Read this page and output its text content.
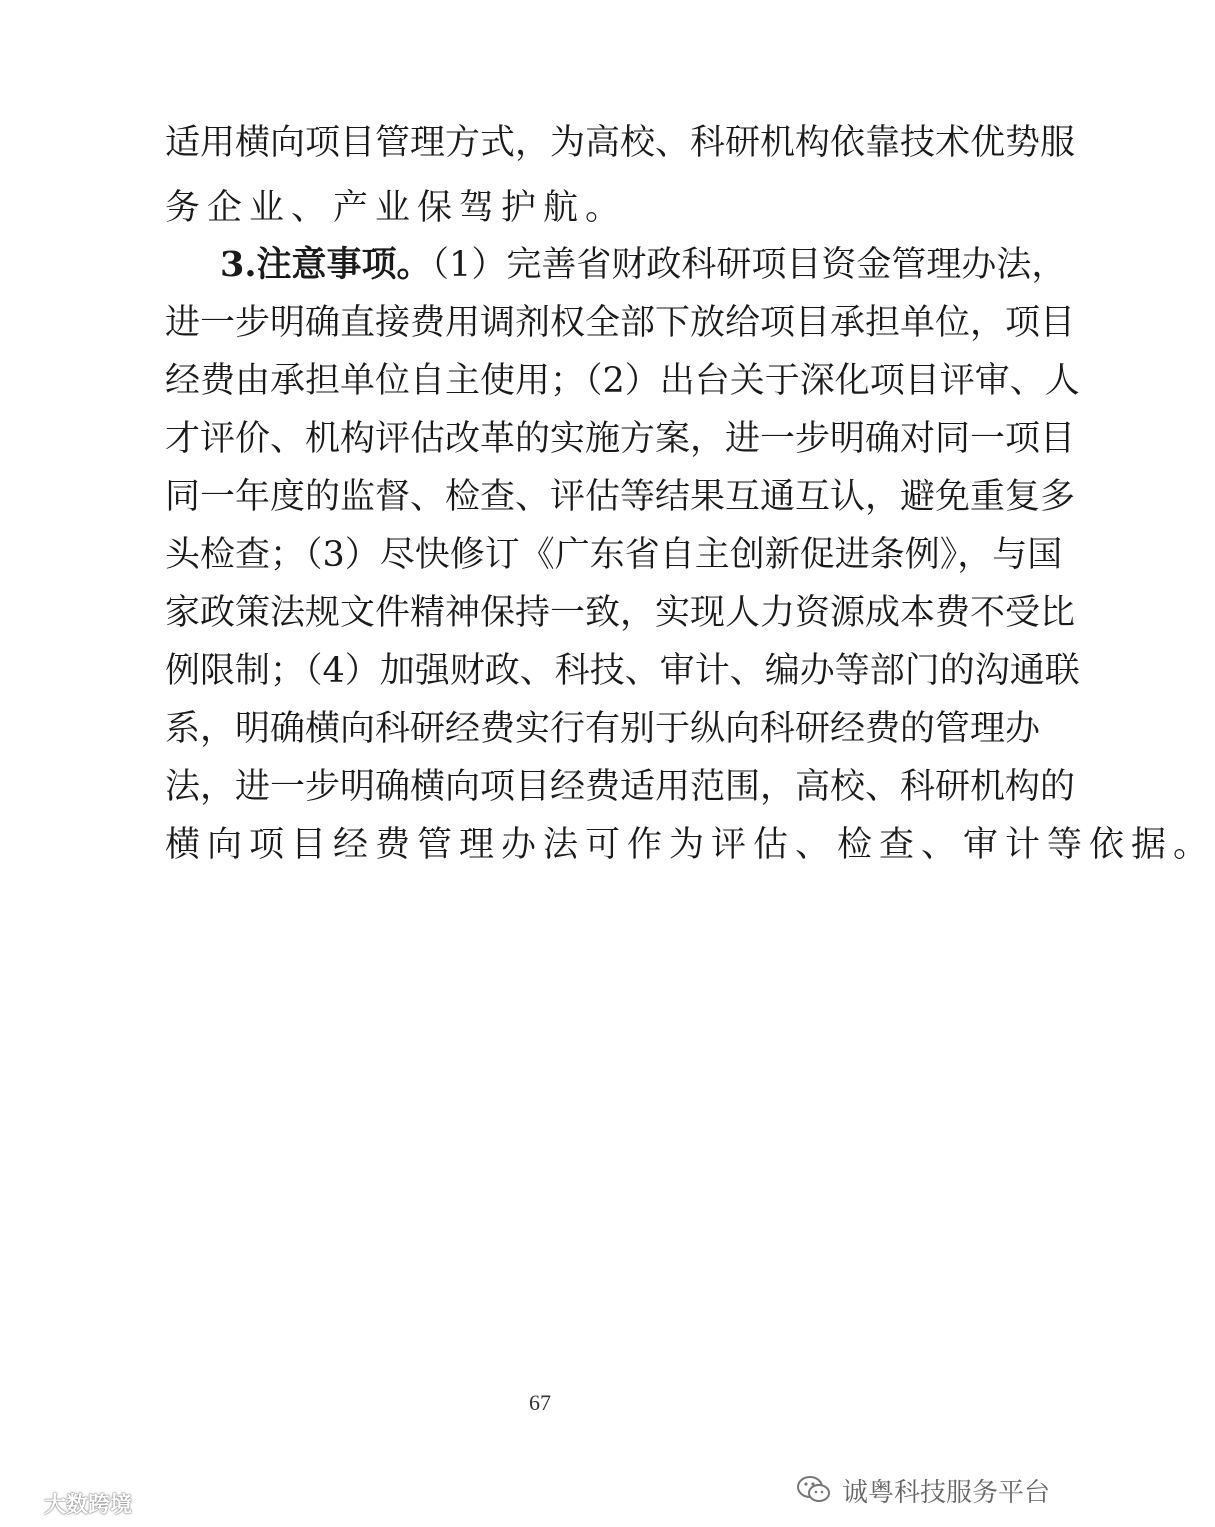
适用横向项目管理方式，为高校、科研机构依靠技术优势服
务企业、产业保驾护航。
3.注意事项。（1）完善省财政科研项目资金管理办法，
进一步明确直接费用调剂权全部下放给项目承担单位，项目
经费由承担单位自主使用；（2）出台关于深化项目评审、人
才评价、机构评估改革的实施方案，进一步明确对同一项目
同一年度的监督、检查、评估等结果互通互认，避免重复多
头检查；（3）尽快修订《广东省自主创新促进条例》，与国
家政策法规文件精神保持一致，实现人力资源成本费不受比
例限制；（4）加强财政、科技、审计、编办等部门的沟通联
系，明确横向科研经费实行有别于纵向科研经费的管理办
法，进一步明确横向项目经费适用范围，高校、科研机构的
横向项目经费管理办法可作为评估、检查、审计等依据。
67
诚粤科技服务平台
大数跨境
